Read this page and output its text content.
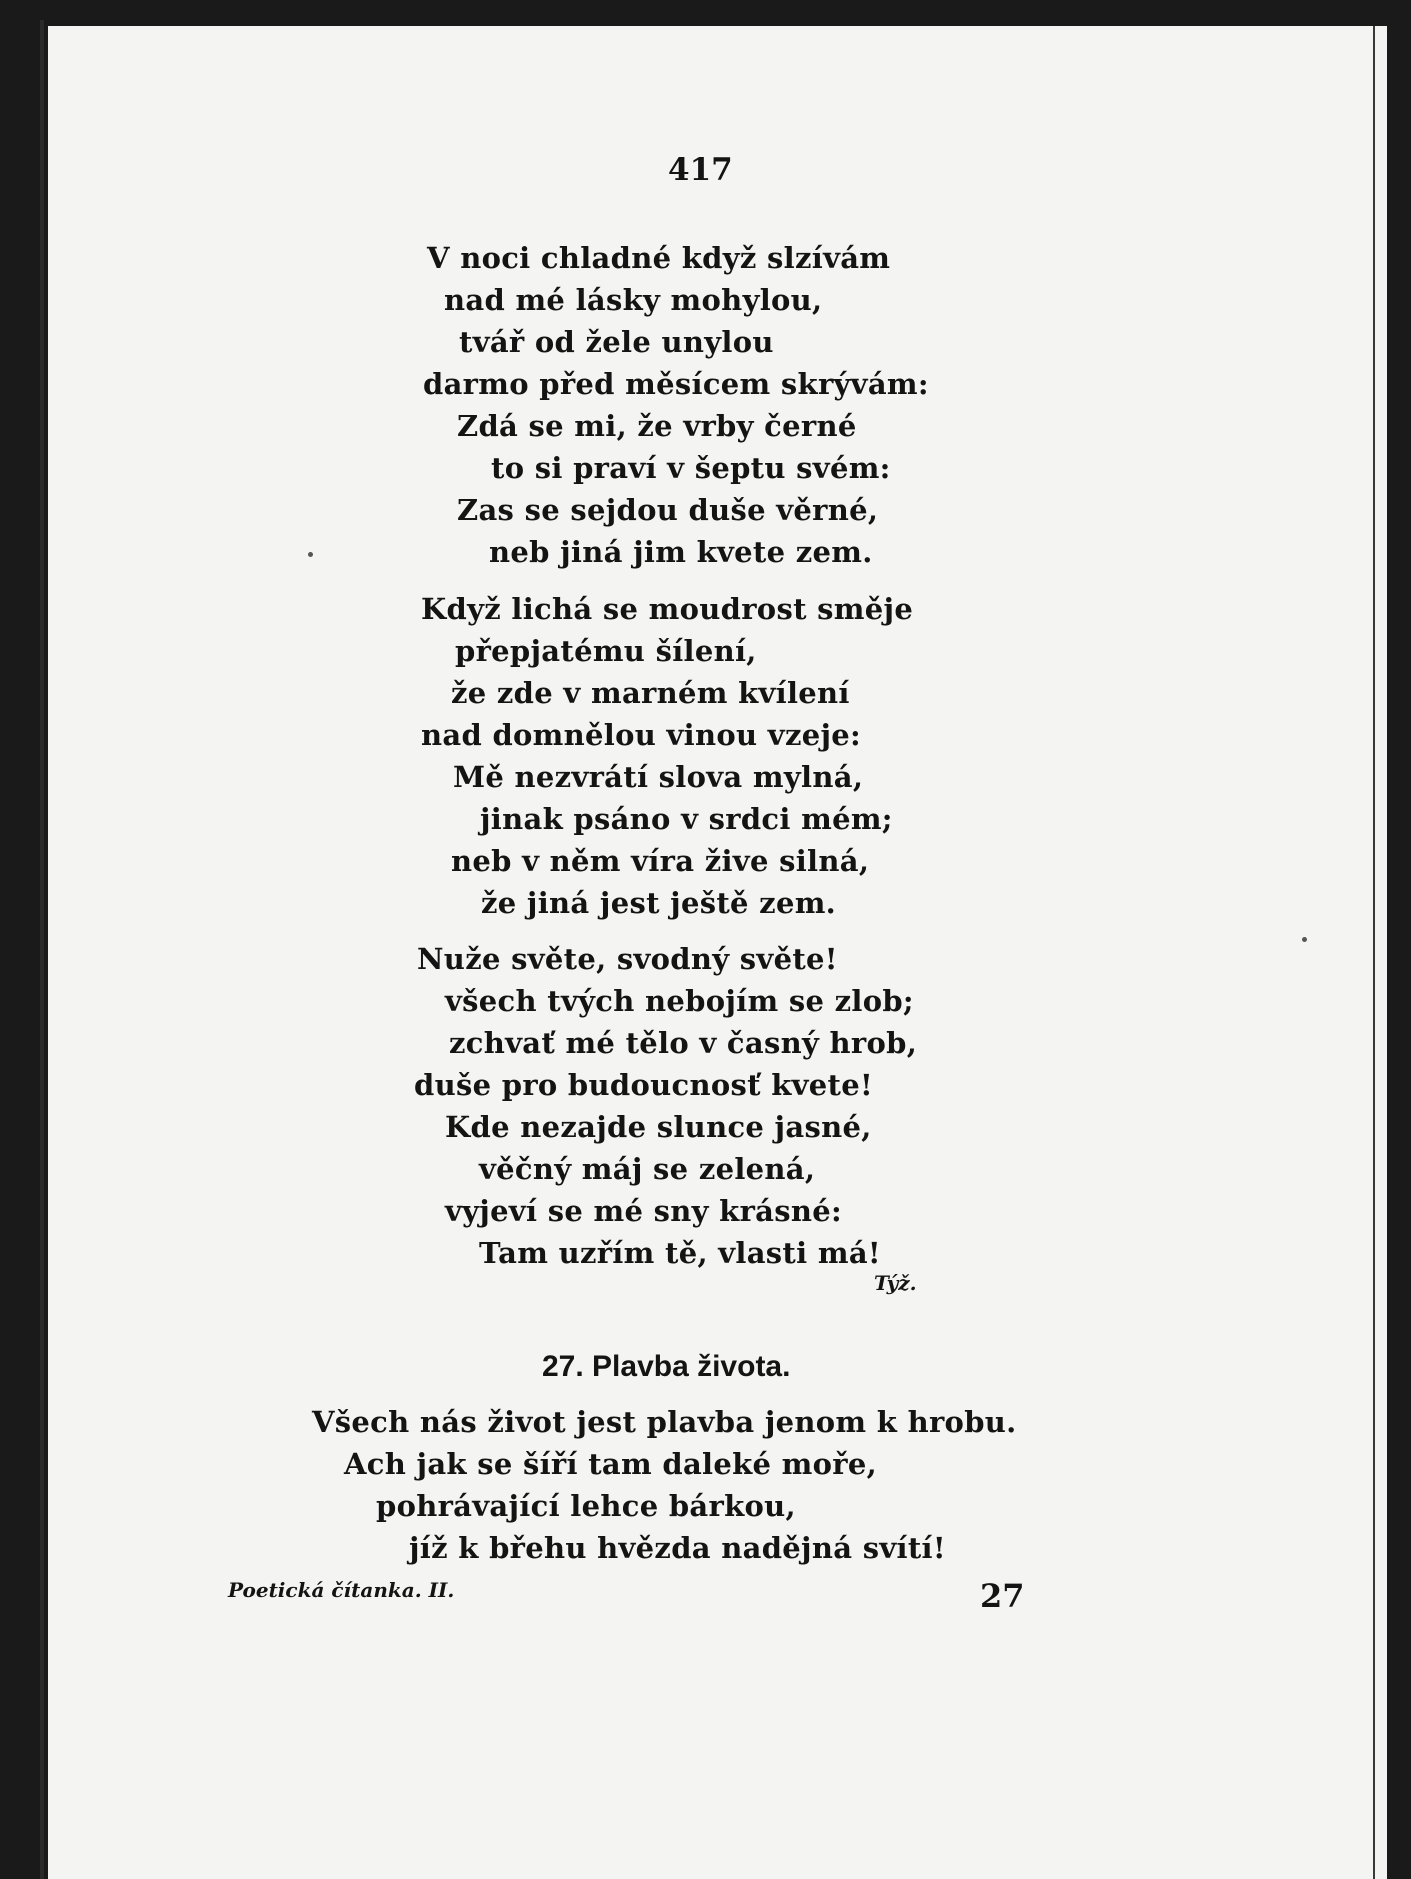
417
V noci chladné když slzívám
nad mé lásky mohylou,
tvář od žele unylou
darmo před měsícem skrývám:
Zdá se mi, že vrby černé
to si praví v šeptu svém:
Zas se sejdou duše věrné,
neb jiná jim kvete zem.
Když lichá se moudrost směje
přepjatému šílení,
že zde v marném kvílení
nad domnělou vinou vzeje:
Mě nezvrátí slova mylná,
jinak psáno v srdci mém;
neb v něm víra žive silná,
že jiná jest ještě zem.
Nuže světe, svodný světe!
všech tvých nebojím se zlob;
zchvať mé tělo v časný hrob,
duše pro budoucnosť kvete!
Kde nezajde slunce jasné,
věčný máj se zelená,
vyjeví se mé sny krásné:
Tam uzřím tě, vlasti má!
Týž.
27. Plavba života.
Všech nás život jest plavba jenom k hrobu.
Ach jak se šíří tam daleké moře,
pohrávající lehce bárkou,
jíž k břehu hvězda nadějná svítí!
Poetická čítanka. II.	27
